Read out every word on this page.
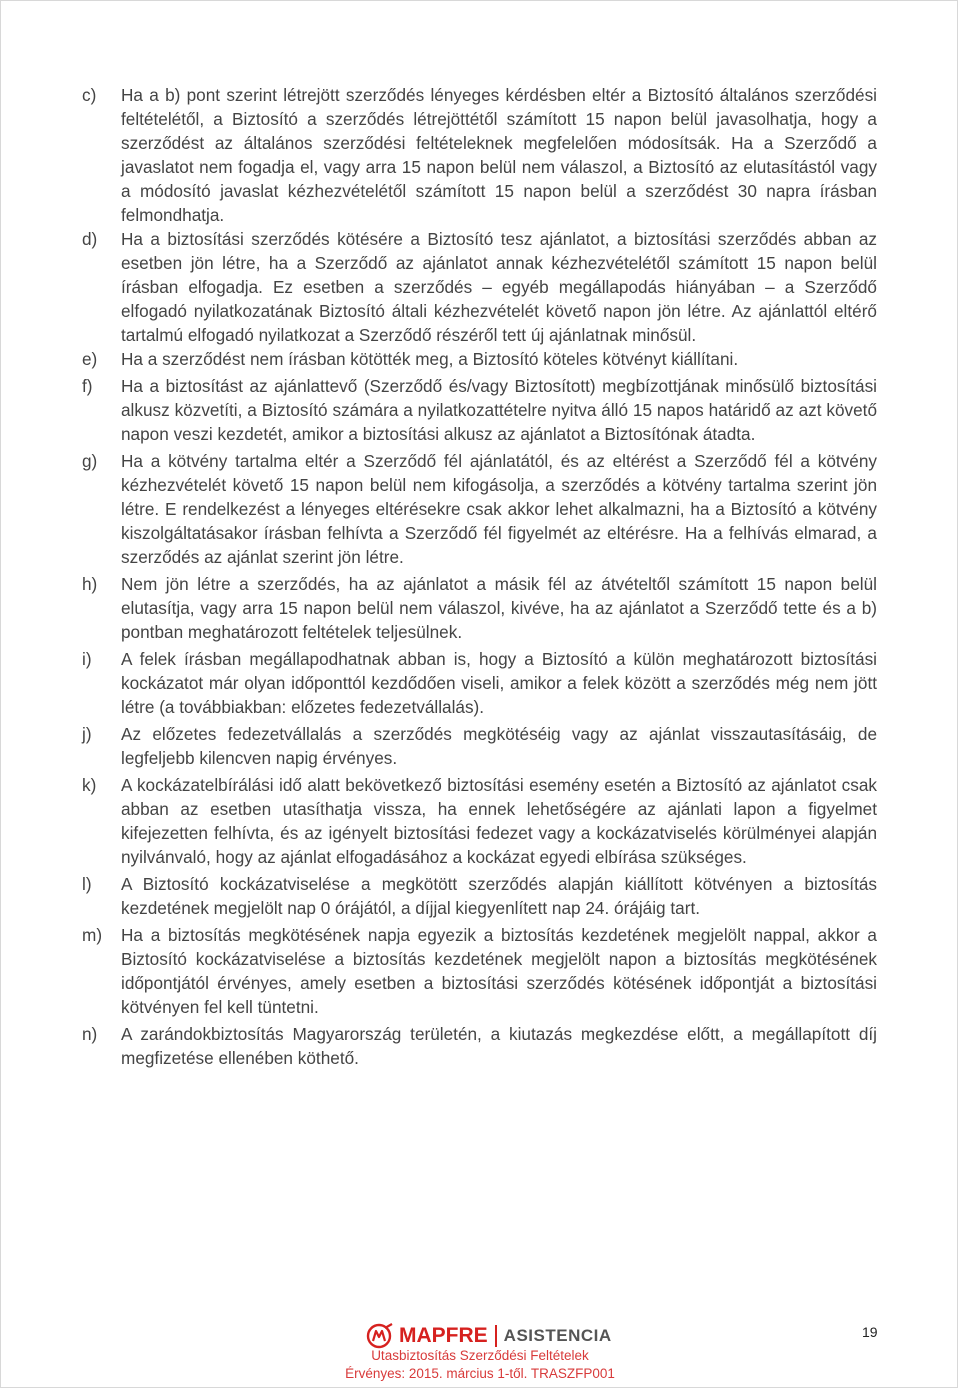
c)	Ha a b) pont szerint létrejött szerződés lényeges kérdésben eltér a Biztosító általános szerződési feltételétől, a Biztosító a szerződés létrejöttétől számított 15 napon belül javasolhatja, hogy a szerződést az általános szerződési feltételeknek megfelelően módosítsák. Ha a Szerződő a javaslatot nem fogadja el, vagy arra 15 napon belül nem válaszol, a Biztosító az elutasítástól vagy a módosító javaslat kézhezvételétől számított 15 napon belül a szerződést 30 napra írásban felmondhatja.
d)	Ha a biztosítási szerződés kötésére a Biztosító tesz ajánlatot, a biztosítási szerződés abban az esetben jön létre, ha a Szerződő az ajánlatot annak kézhezvételétől számított 15 napon belül írásban elfogadja. Ez esetben a szerződés – egyéb megállapodás hiányában – a Szerződő elfogadó nyilatkozatának Biztosító általi kézhezvételét követő napon jön létre. Az ajánlattól eltérő tartalmú elfogadó nyilatkozat a Szerződő részéről tett új ajánlatnak minősül.
e)	Ha a szerződést nem írásban kötötték meg, a Biztosító köteles kötvényt kiállítani.
f)	Ha a biztosítást az ajánlattevő (Szerződő és/vagy Biztosított) megbízottjának minősülő biztosítási alkusz közvetíti, a Biztosító számára a nyilatkozattételre nyitva álló 15 napos határidő az azt követő napon veszi kezdetét, amikor a biztosítási alkusz az ajánlatot a Biztosítónak átadta.
g)	Ha a kötvény tartalma eltér a Szerződő fél ajánlatától, és az eltérést a Szerződő fél a kötvény kézhezvételét követő 15 napon belül nem kifogásolja, a szerződés a kötvény tartalma szerint jön létre. E rendelkezést a lényeges eltérésekre csak akkor lehet alkalmazni, ha a Biztosító a kötvény kiszolgáltatásakor írásban felhívta a Szerződő fél figyelmét az eltérésre. Ha a felhívás elmarad, a szerződés az ajánlat szerint jön létre.
h)	Nem jön létre a szerződés, ha az ajánlatot a másik fél az átvételtől számított 15 napon belül elutasítja, vagy arra 15 napon belül nem válaszol, kivéve, ha az ajánlatot a Szerződő tette és a b) pontban meghatározott feltételek teljesülnek.
i)	A felek írásban megállapodhatnak abban is, hogy a Biztosító a külön meghatározott biztosítási kockázatot már olyan időponttól kezdődően viseli, amikor a felek között a szerződés még nem jött létre (a továbbiakban: előzetes fedezetvállalás).
j)	Az előzetes fedezetvállalás a szerződés megkötéséig vagy az ajánlat visszautasításáig, de legfeljebb kilencven napig érvényes.
k)	A kockázatelbírálási idő alatt bekövetkező biztosítási esemény esetén a Biztosító az ajánlatot csak abban az esetben utasíthatja vissza, ha ennek lehetőségére az ajánlati lapon a figyelmet kifejezetten felhívta, és az igényelt biztosítási fedezet vagy a kockázatviselés körülményei alapján nyilvánvaló, hogy az ajánlat elfogadásához a kockázat egyedi elbírása szükséges.
l)	A Biztosító kockázatviselése a megkötött szerződés alapján kiállított kötvényen a biztosítás kezdetének megjelölt nap 0 órájától, a díjjal kiegyenlített nap 24. órájáig tart.
m)	Ha a biztosítás megkötésének napja egyezik a biztosítás kezdetének megjelölt nappal, akkor a Biztosító kockázatviselése a biztosítás kezdetének megjelölt napon a biztosítás megkötésének időpontjától érvényes, amely esetben a biztosítási szerződés kötésének időpontját a biztosítási kötvényen fel kell tüntetni.
n)	A zarándokbiztosítás Magyarország területén, a kiutazás megkezdése előtt, a megállapított díj megfizetése ellenében köthető.
MAPFRE ASISTENCIA
Utasbiztosítás Szerződési Feltételek
Érvényes: 2015. március 1-től. TRASZFP001
19
